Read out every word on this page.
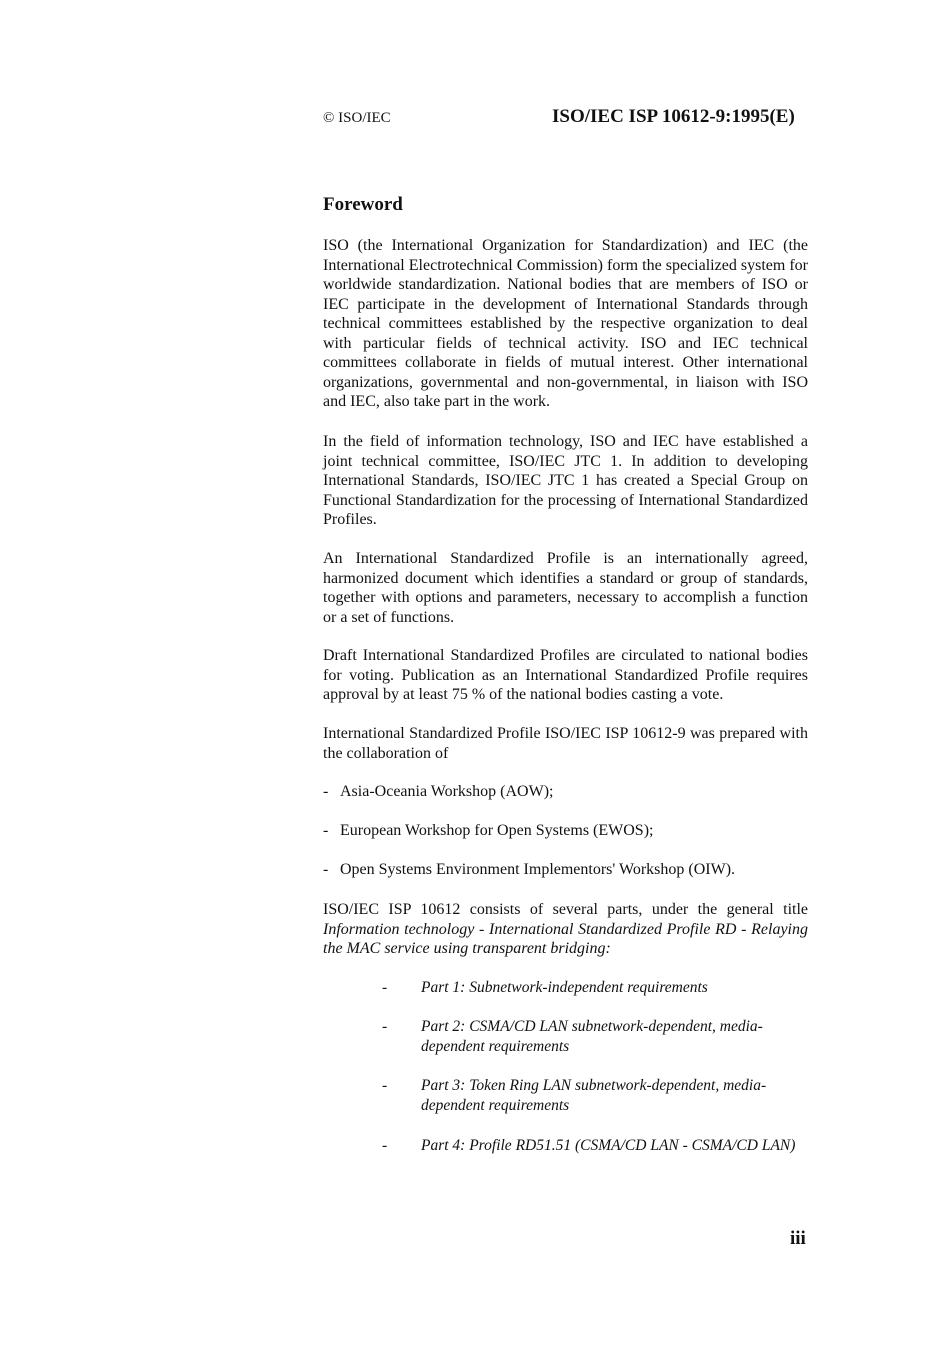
© ISO/IEC	ISO/IEC ISP 10612-9:1995(E)
Foreword

ISO (the International Organization for Standardization) and IEC (the International Electrotechnical Commission) form the specialized system for worldwide standardization. National bodies that are members of ISO or IEC participate in the development of International Standards through technical committees established by the respective organization to deal with particular fields of technical activity. ISO and IEC technical committees collaborate in fields of mutual interest. Other international organizations, governmental and non-governmental, in liaison with ISO and IEC, also take part in the work.

In the field of information technology, ISO and IEC have established a joint technical committee, ISO/IEC JTC 1. In addition to developing International Standards, ISO/IEC JTC 1 has created a Special Group on Functional Standardization for the processing of International Standardized Profiles.

An International Standardized Profile is an internationally agreed, harmonized document which identifies a standard or group of standards, together with options and parameters, necessary to accomplish a function or a set of functions.

Draft International Standardized Profiles are circulated to national bodies for voting. Publication as an International Standardized Profile requires approval by at least 75 % of the national bodies casting a vote.

International Standardized Profile ISO/IEC ISP 10612-9 was prepared with the collaboration of

- Asia-Oceania Workshop (AOW);
- European Workshop for Open Systems (EWOS);
- Open Systems Environment Implementors' Workshop (OIW).

ISO/IEC ISP 10612 consists of several parts, under the general title Information technology - International Standardized Profile RD - Relaying the MAC service using transparent bridging:

- Part 1: Subnetwork-independent requirements
- Part 2: CSMA/CD LAN subnetwork-dependent, media-dependent requirements
- Part 3: Token Ring LAN subnetwork-dependent, media-dependent requirements
- Part 4: Profile RD51.51 (CSMA/CD LAN - CSMA/CD LAN)
iii
